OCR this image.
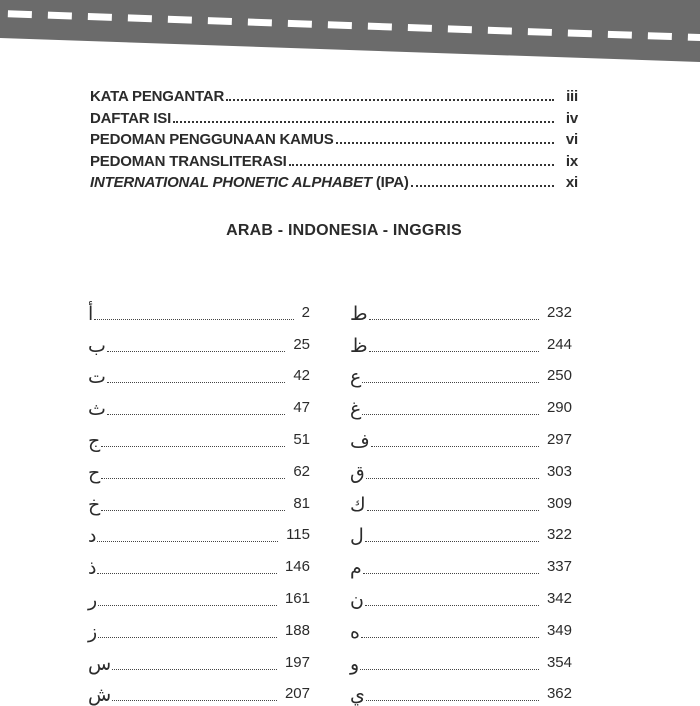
KATA PENGANTAR	iii
DAFTAR ISI	iv
PEDOMAN PENGGUNAAN KAMUS	vi
PEDOMAN TRANSLITERASI	ix
INTERNATIONAL PHONETIC ALPHABET (IPA)	xi
ARAB - INDONESIA - INGGRIS
أ	2
ب	25
ت	42
ث	47
ج	51
ح	62
خ	81
د	115
ذ	146
ر	161
ز	188
س	197
ش	207
ط	232
ظ	244
ع	250
غ	290
ف	297
ق	303
ك	309
ل	322
م	337
ن	342
ه	349
و	354
ي	362
